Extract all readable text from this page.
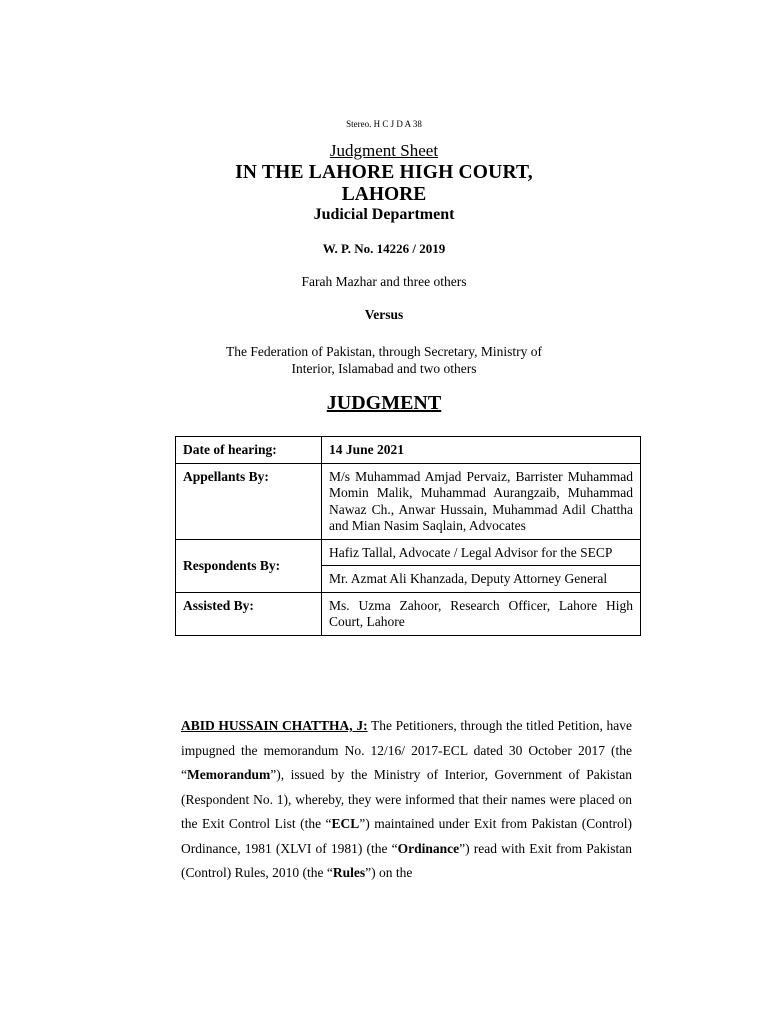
Stereo. H C J D A 38
Judgment Sheet
IN THE LAHORE HIGH COURT,
LAHORE
Judicial Department
W. P. No. 14226 / 2019
Farah Mazhar and three others
Versus
The Federation of Pakistan, through Secretary, Ministry of
Interior, Islamabad and two others
JUDGMENT
Date of hearing:	14 June 2021
Appellants By:	M/s Muhammad Amjad Pervaiz, Barrister Muhammad Momin Malik, Muhammad Aurangzaib, Muhammad Nawaz Ch., Anwar Hussain, Muhammad Adil Chattha and Mian Nasim Saqlain, Advocates
Respondents By:	Hafiz Tallal, Advocate / Legal Advisor for the SECP
	Mr. Azmat Ali Khanzada, Deputy Attorney General
Assisted By:	Ms. Uzma Zahoor, Research Officer, Lahore High Court, Lahore
ABID HUSSAIN CHATTHA, J: The Petitioners, through the titled Petition, have impugned the memorandum No. 12/16/ 2017-ECL dated 30 October 2017 (the “Memorandum”), issued by the Ministry of Interior, Government of Pakistan (Respondent No. 1), whereby, they were informed that their names were placed on the Exit Control List (the “ECL”) maintained under Exit from Pakistan (Control) Ordinance, 1981 (XLVI of 1981) (the “Ordinance”) read with Exit from Pakistan (Control) Rules, 2010 (the “Rules”) on the
